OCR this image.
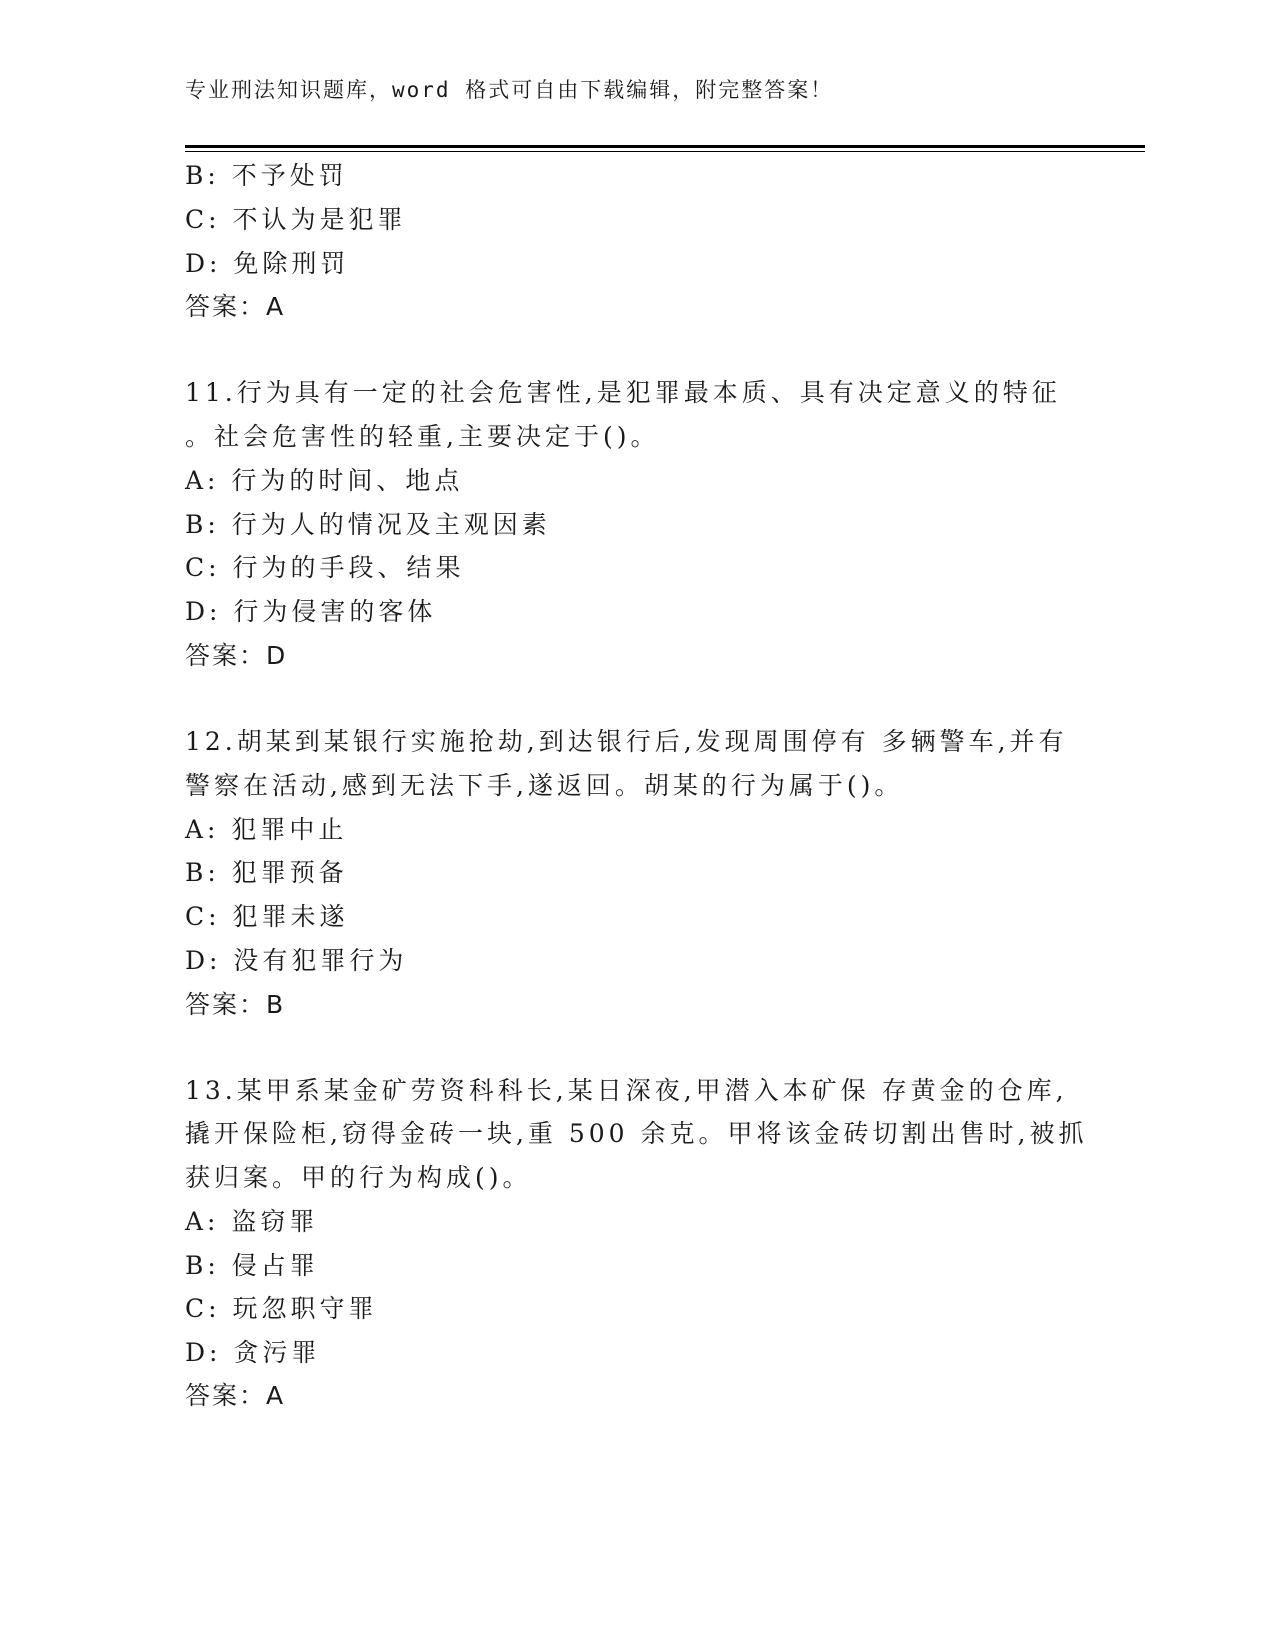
专业刑法知识题库，word 格式可自由下载编辑，附完整答案！
B: 不予处罚
C: 不认为是犯罪
D: 免除刑罚
答案：A
11.行为具有一定的社会危害性,是犯罪最本质、具有决定意义的特征
。社会危害性的轻重,主要决定于()。
A: 行为的时间、地点
B: 行为人的情况及主观因素
C: 行为的手段、结果
D: 行为侵害的客体
答案：D
12.胡某到某银行实施抢劫,到达银行后,发现周围停有 多辆警车,并有
警察在活动,感到无法下手,遂返回。胡某的行为属于()。
A: 犯罪中止
B: 犯罪预备
C: 犯罪未遂
D: 没有犯罪行为
答案：B
13.某甲系某金矿劳资科科长,某日深夜,甲潜入本矿保 存黄金的仓库,
撬开保险柜,窃得金砖一块,重 500 余克。甲将该金砖切割出售时,被抓
获归案。甲的行为构成()。
A: 盗窃罪
B: 侵占罪
C: 玩忽职守罪
D: 贪污罪
答案：A
